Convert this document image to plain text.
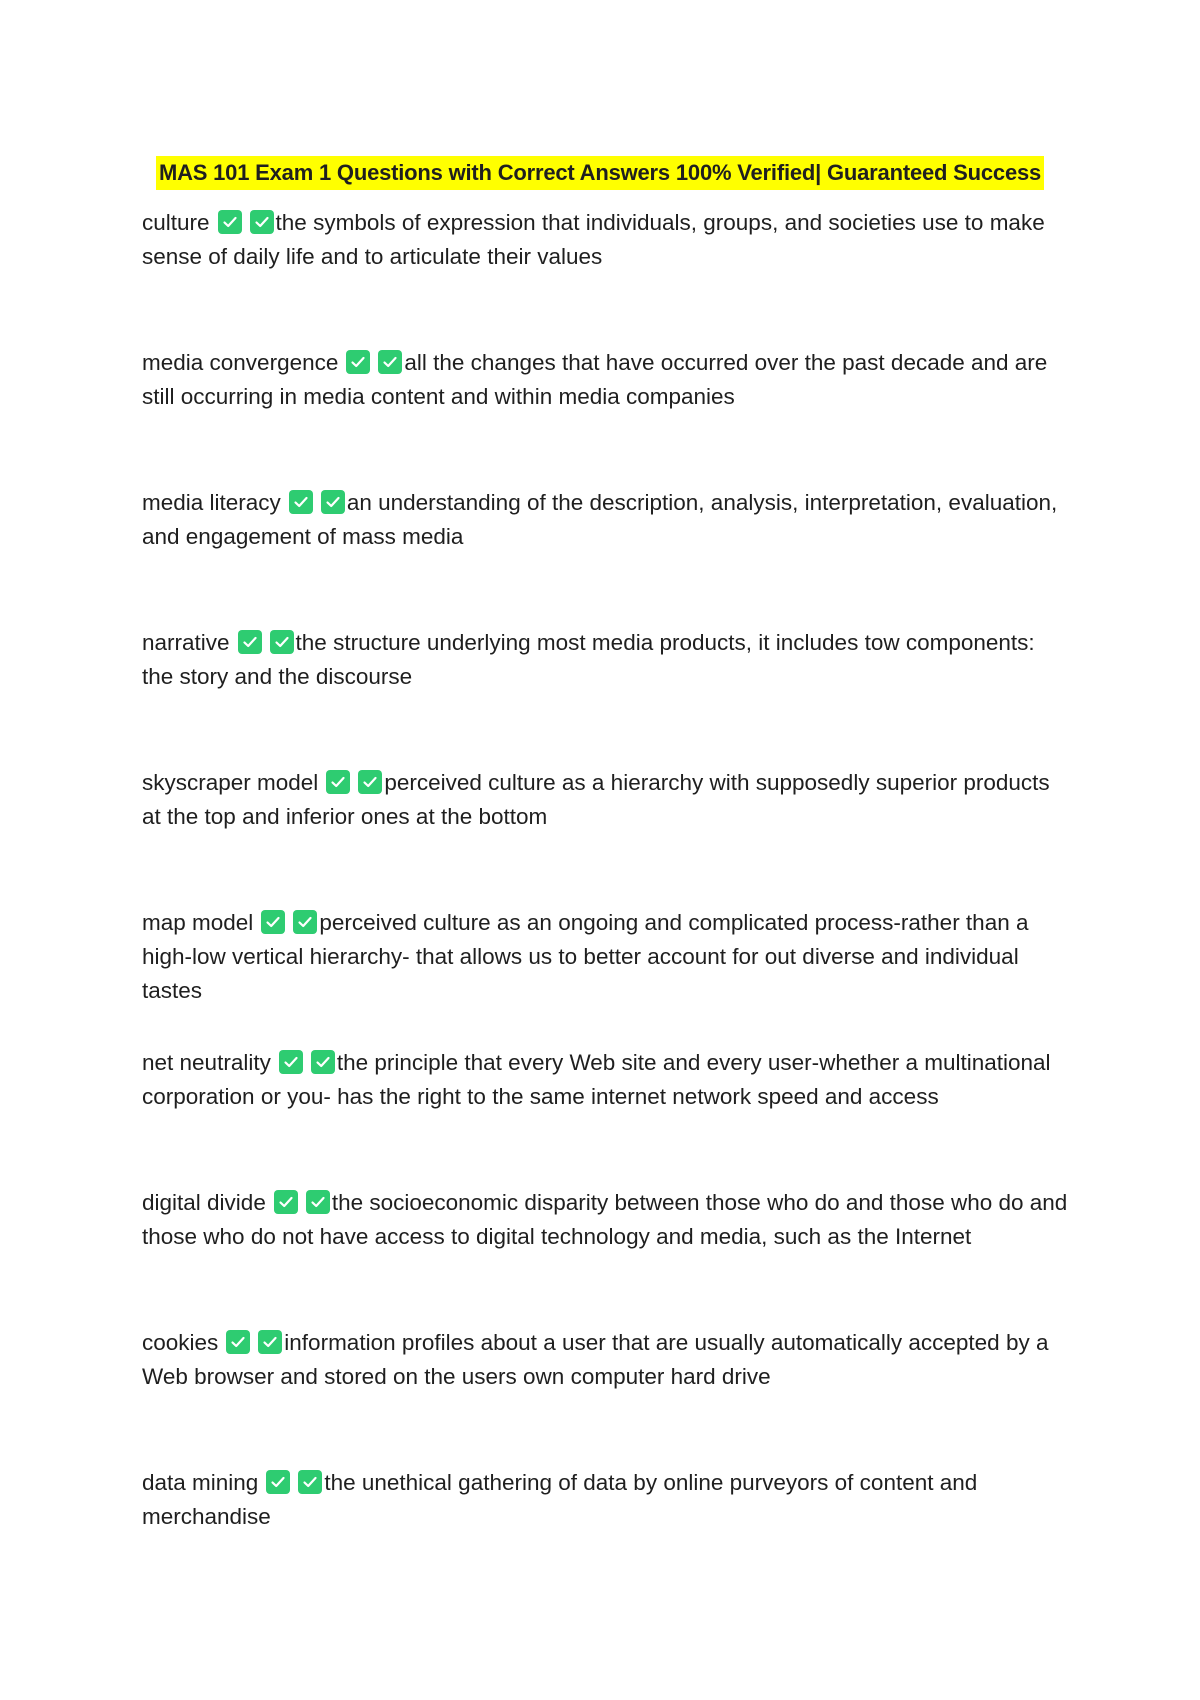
MAS 101 Exam 1 Questions with Correct Answers 100% Verified| Guaranteed Success

culture	the symbols of expression that individuals, groups, and societies use to make sense of daily life and to articulate their values

media convergence	all the changes that have occurred over the past decade and are still occurring in media content and within media companies

media literacy	an understanding of the description, analysis, interpretation, evaluation, and engagement of mass media

narrative	the structure underlying most media products, it includes tow components: the story and the discourse

skyscraper model	perceived culture as a hierarchy with supposedly superior products at the top and inferior ones at the bottom

map model	perceived culture as an ongoing and complicated process-rather than a high-low vertical hierarchy- that allows us to better account for out diverse and individual tastes

net neutrality	the principle that every Web site and every user-whether a multinational corporation or you- has the right to the same internet network speed and access

digital divide	the socioeconomic disparity between those who do and those who do and those who do not have access to digital technology and media, such as the Internet

cookies	information profiles about a user that are usually automatically accepted by a Web browser and stored on the users own computer hard drive

data mining	the unethical gathering of data by online purveyors of content and merchandise
